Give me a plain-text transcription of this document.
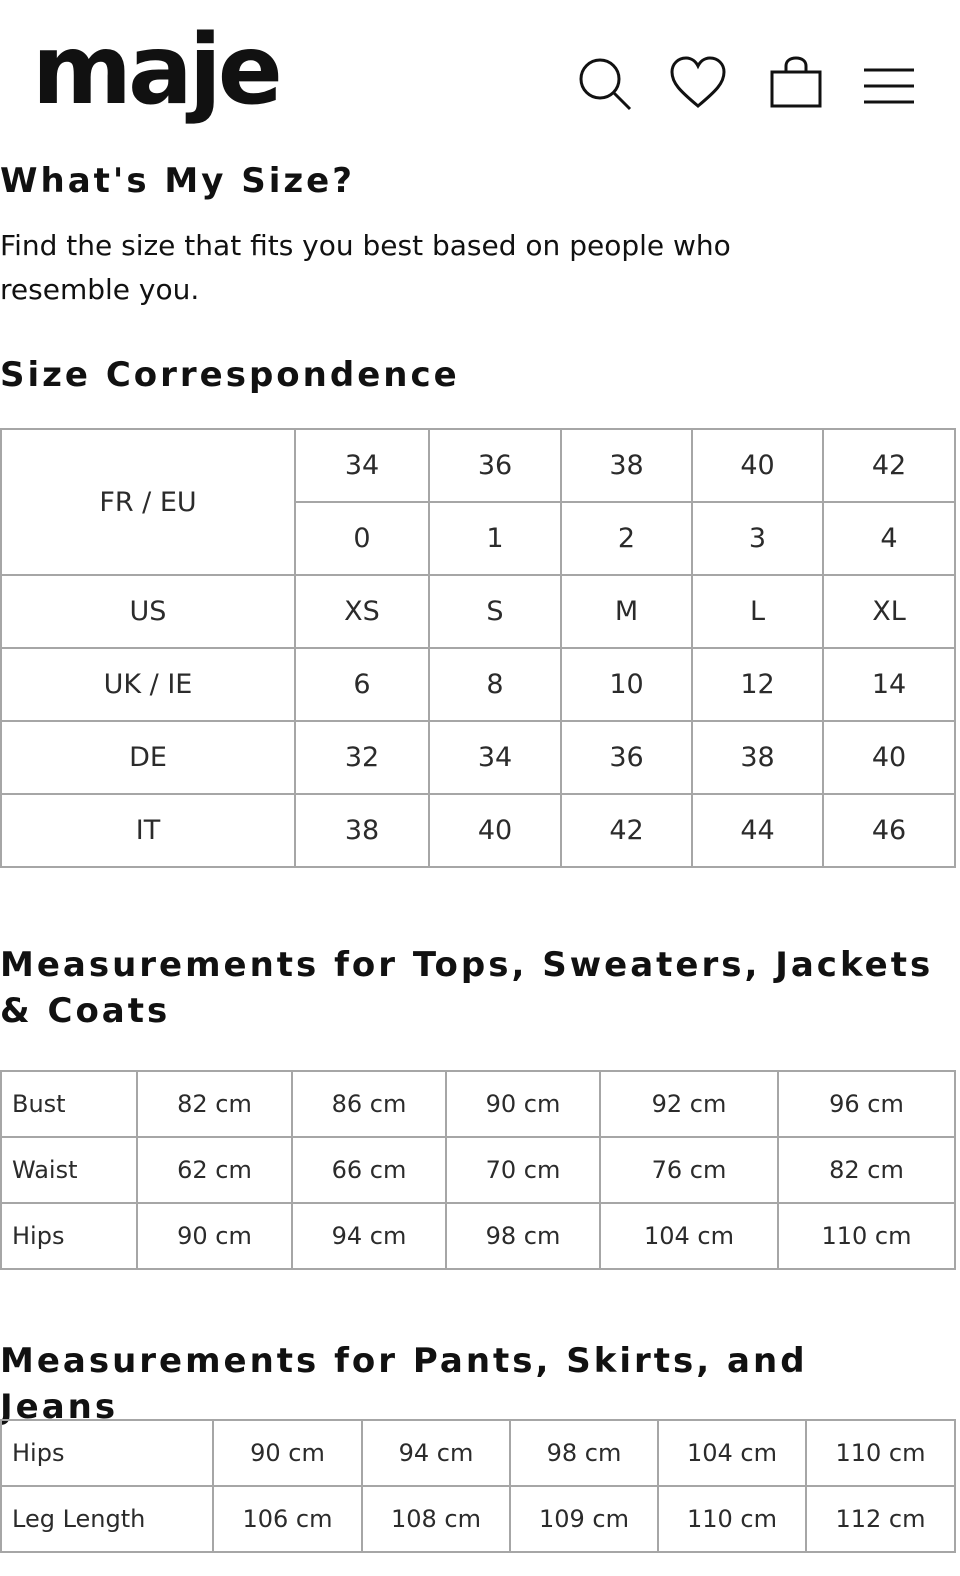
maje
What's My Size?

Find the size that fits you best based on people who resemble you.

Size Correspondence
FR / EU	34	36	38	40	42
	0	1	2	3	4
US	XS	S	M	L	XL
UK / IE	6	8	10	12	14
DE	32	34	36	38	40
IT	38	40	42	44	46
Measurements for Tops, Sweaters, Jackets & Coats
Bust	82 cm	86 cm	90 cm	92 cm	96 cm
Waist	62 cm	66 cm	70 cm	76 cm	82 cm
Hips	90 cm	94 cm	98 cm	104 cm	110 cm
Measurements for Pants, Skirts, and Jeans
Hips	90 cm	94 cm	98 cm	104 cm	110 cm
Leg Length	106 cm	108 cm	109 cm	110 cm	112 cm
